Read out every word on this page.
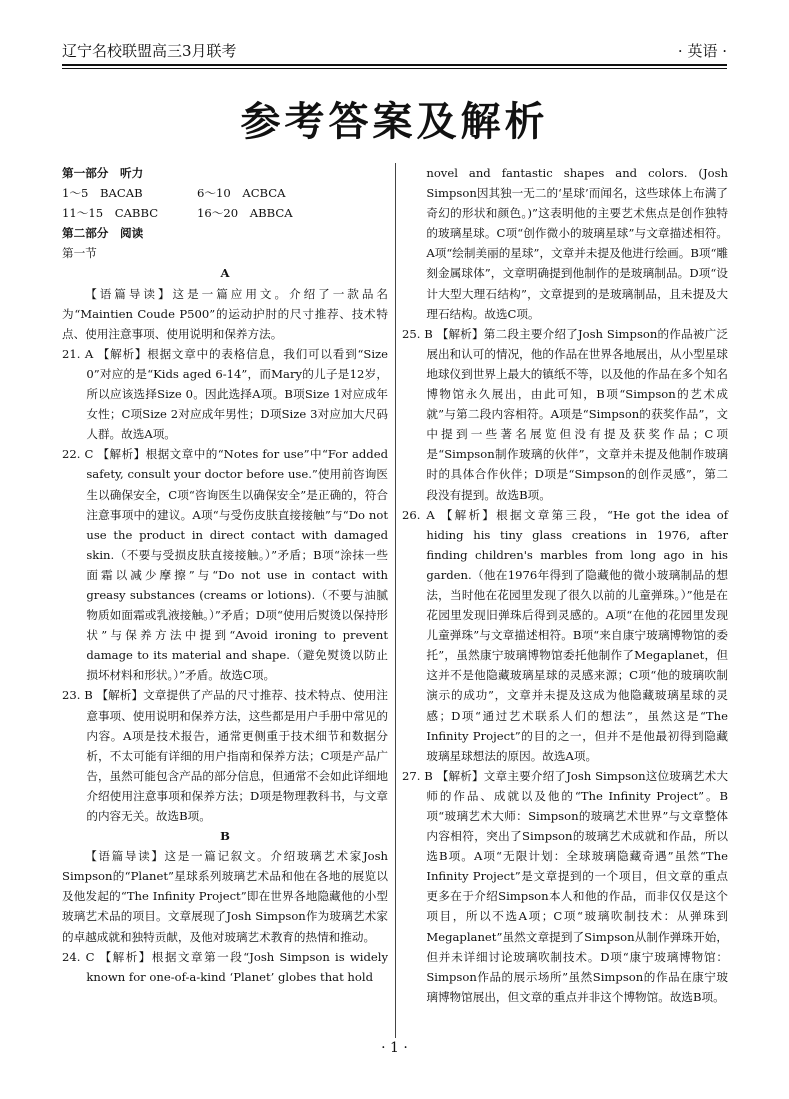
辽宁名校联盟高三3月联考	· 英语 ·
参考答案及解析

第一部分　听力

1～5　BACAB	6～10　ACBCA
11～15　CABBC	16～20　ABBCA

第二部分　阅读

第一节

A

【语篇导读】这是一篇应用文。介绍了一款品名为“Maintien Coude P500”的运动护肘的尺寸推荐、技术特点、使用注意事项、使用说明和保养方法。

21. A 【解析】根据文章中的表格信息，我们可以看到“Size 0”对应的是“Kids aged 6-14”，而Mary的儿子是12岁，所以应该选择Size 0。因此选择A项。B项Size 1对应成年女性；C项Size 2对应成年男性；D项Size 3对应加大尺码人群。故选A项。

22. C 【解析】根据文章中的“Notes for use”中“For added safety, consult your doctor before use.”使用前咨询医生以确保安全，C项“咨询医生以确保安全”是正确的，符合注意事项中的建议。A项“与受伤皮肤直接接触”与“Do not use the product in direct contact with damaged skin.（不要与受损皮肤直接接触。）”矛盾；B项“涂抹一些面霜以减少摩擦”与“Do not use in contact with greasy substances (creams or lotions).（不要与油腻物质如面霜或乳液接触。）”矛盾；D项“使用后熨烫以保持形状”与保养方法中提到“Avoid ironing to prevent damage to its material and shape.（避免熨烫以防止损坏材料和形状。）”矛盾。故选C项。

23. B 【解析】文章提供了产品的尺寸推荐、技术特点、使用注意事项、使用说明和保养方法，这些都是用户手册中常见的内容。A项是技术报告，通常更侧重于技术细节和数据分析，不太可能有详细的用户指南和保养方法；C项是产品广告，虽然可能包含产品的部分信息，但通常不会如此详细地介绍使用注意事项和保养方法；D项是物理教科书，与文章的内容无关。故选B项。

B

【语篇导读】这是一篇记叙文。介绍玻璃艺术家Josh Simpson的“Planet”星球系列玻璃艺术品和他在各地的展览以及他发起的“The Infinity Project”即在世界各地隐藏他的小型玻璃艺术品的项目。文章展现了Josh Simpson作为玻璃艺术家的卓越成就和独特贡献，及他对玻璃艺术教育的热情和推动。

24. C 【解析】根据文章第一段“Josh Simpson is widely known for one-of-a-kind ‘Planet’ globes that hold

novel and fantastic shapes and colors. (Josh Simpson因其独一无二的‘星球’而闻名，这些球体上布满了奇幻的形状和颜色。)”这表明他的主要艺术焦点是创作独特的玻璃星球。C项“创作微小的玻璃星球”与文章描述相符。A项“绘制美丽的星球”，文章并未提及他进行绘画。B项“雕刻金属球体”，文章明确提到他制作的是玻璃制品。D项“设计大型大理石结构”，文章提到的是玻璃制品，且未提及大理石结构。故选C项。

25. B 【解析】第二段主要介绍了Josh Simpson的作品被广泛展出和认可的情况，他的作品在世界各地展出，从小型星球地球仪到世界上最大的镇纸不等，以及他的作品在多个知名博物馆永久展出，由此可知，B项“Simpson的艺术成就”与第二段内容相符。A项是“Simpson的获奖作品”，文中提到一些著名展览但没有提及获奖作品；C项是“Simpson制作玻璃的伙伴”，文章并未提及他制作玻璃时的具体合作伙伴；D项是“Simpson的创作灵感”，第二段没有提到。故选B项。

26. A 【解析】根据文章第三段，“He got the idea of hiding his tiny glass creations in 1976, after finding children's marbles from long ago in his garden.（他在1976年得到了隐藏他的微小玻璃制品的想法，当时他在花园里发现了很久以前的儿童弹珠。）”他是在花园里发现旧弹珠后得到灵感的。A项“在他的花园里发现儿童弹珠”与文章描述相符。B项“来自康宁玻璃博物馆的委托”，虽然康宁玻璃博物馆委托他制作了Megaplanet，但这并不是他隐藏玻璃星球的灵感来源；C项“他的玻璃吹制演示的成功”，文章并未提及这成为他隐藏玻璃星球的灵感；D项“通过艺术联系人们的想法”，虽然这是“The Infinity Project”的目的之一，但并不是他最初得到隐藏玻璃星球想法的原因。故选A项。

27. B 【解析】文章主要介绍了Josh Simpson这位玻璃艺术大师的作品、成就以及他的“The Infinity Project”。B项“玻璃艺术大师：Simpson的玻璃艺术世界”与文章整体内容相符，突出了Simpson的玻璃艺术成就和作品，所以选B项。A项“无限计划：全球玻璃隐藏奇遇”虽然“The Infinity Project”是文章提到的一个项目，但文章的重点更多在于介绍Simpson本人和他的作品，而非仅仅是这个项目，所以不选A项；C项“玻璃吹制技术：从弹珠到Megaplanet”虽然文章提到了Simpson从制作弹珠开始，但并未详细讨论玻璃吹制技术。D项“康宁玻璃博物馆：Simpson作品的展示场所”虽然Simpson的作品在康宁玻璃博物馆展出，但文章的重点并非这个博物馆。故选B项。

· 1 ·
